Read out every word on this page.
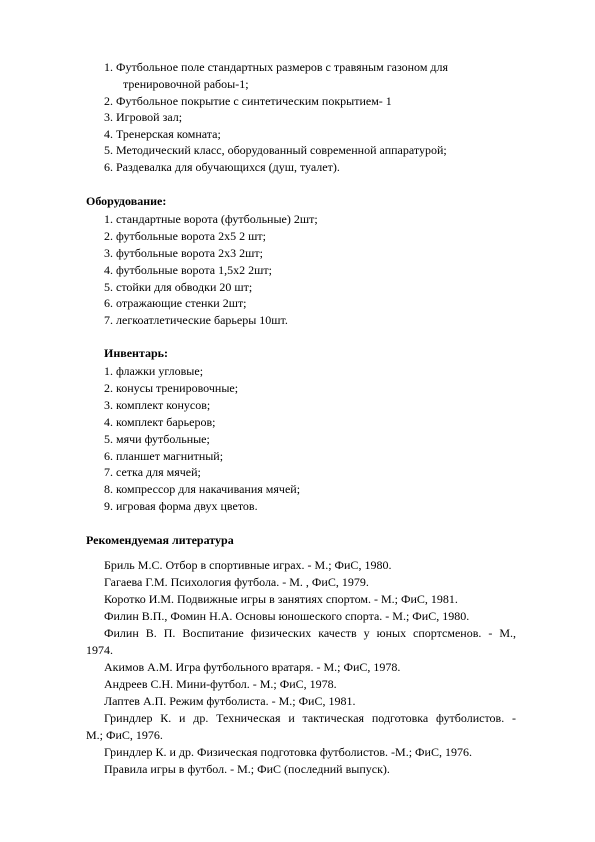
1. Футбольное поле стандартных размеров с травяным газоном для
тренировочной рабоы-1;
2. Футбольное покрытие с синтетическим покрытием- 1
3. Игровой зал;
4. Тренерская комната;
5. Методический класс, оборудованный современной аппаратурой;
6. Раздевалка для обучающихся (душ, туалет).
Оборудование:
1. стандартные ворота (футбольные) 2шт;
2. футбольные ворота 2х5 2 шт;
3. футбольные ворота 2х3 2шт;
4. футбольные ворота 1,5х2 2шт;
5. стойки для обводки 20 шт;
6. отражающие стенки 2шт;
7. легкоатлетические барьеры 10шт.
Инвентарь:
1. флажки угловые;
2. конусы тренировочные;
3. комплект конусов;
4. комплект барьеров;
5. мячи футбольные;
6. планшет магнитный;
7. сетка для мячей;
8. компрессор для накачивания мячей;
9. игровая форма двух цветов.
Рекомендуемая литература
Бриль М.С. Отбор в спортивные играх. - М.; ФиС, 1980.
Гагаева Г.М. Психология футбола. - М. , ФиС, 1979.
Коротко И.М. Подвижные игры в занятиях спортом. - М.; ФиС, 1981.
Филин В.П., Фомин Н.А. Основы юношеского спорта. - М.; ФиС, 1980.
Филин В. П. Воспитание физических качеств у юных спортсменов. - М.,
1974.
Акимов А.М. Игра футбольного вратаря. - М.; ФиС, 1978.
Андреев С.Н. Мини-футбол. - М.; ФиС, 1978.
Лаптев А.П. Режим футболиста. - М.; ФиС, 1981.
Гриндлер К. и др. Техническая и тактическая подготовка футболистов. -
М.; ФиС, 1976.
Гриндлер К. и др. Физическая подготовка футболистов. -М.; ФиС, 1976.
Правила игры в футбол. - М.; ФиС (последний выпуск).
